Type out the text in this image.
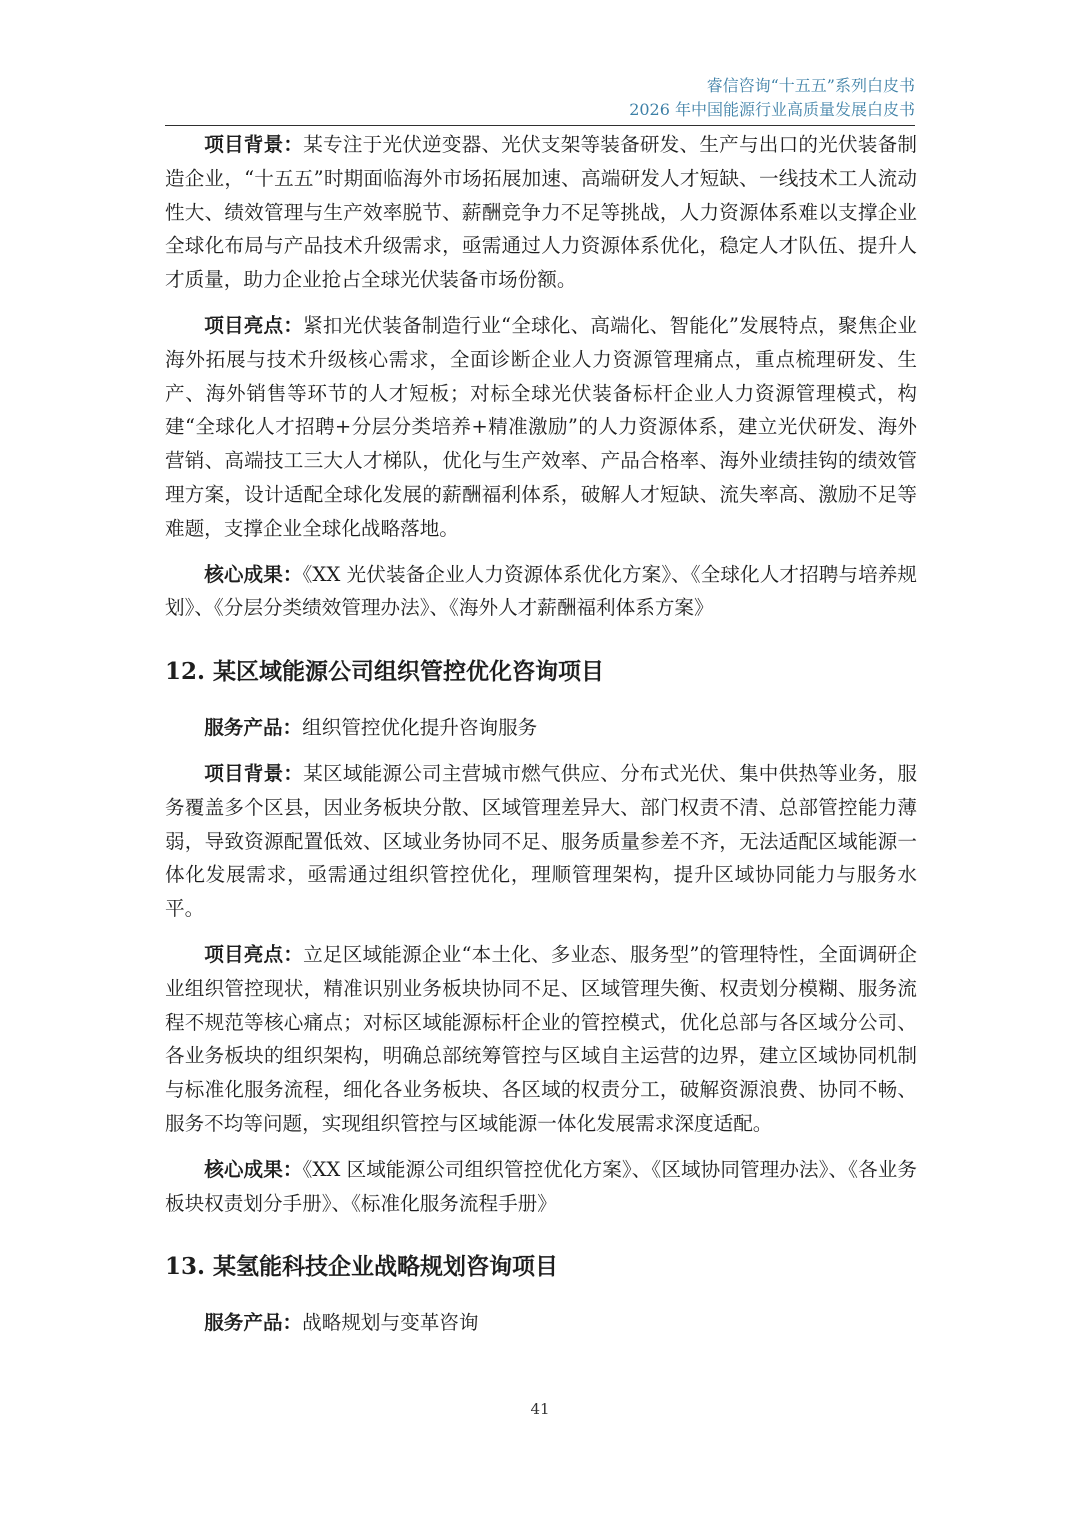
睿信咨询“十五五”系列白皮书
2026 年中国能源行业高质量发展白皮书

项目背景：某专注于光伏逆变器、光伏支架等装备研发、生产与出口的光伏装备制造企业，“十五五”时期面临海外市场拓展加速、高端研发人才短缺、一线技术工人流动性大、绩效管理与生产效率脱节、薪酬竞争力不足等挑战，人力资源体系难以支撑企业全球化布局与产品技术升级需求，亟需通过人力资源体系优化，稳定人才队伍、提升人才质量，助力企业抢占全球光伏装备市场份额。

项目亮点：紧扣光伏装备制造行业“全球化、高端化、智能化”发展特点，聚焦企业海外拓展与技术升级核心需求，全面诊断企业人力资源管理痛点，重点梳理研发、生产、海外销售等环节的人才短板；对标全球光伏装备标杆企业人力资源管理模式，构建“全球化人才招聘+分层分类培养+精准激励”的人力资源体系，建立光伏研发、海外营销、高端技工三大人才梯队，优化与生产效率、产品合格率、海外业绩挂钩的绩效管理方案，设计适配全球化发展的薪酬福利体系，破解人才短缺、流失率高、激励不足等难题，支撑企业全球化战略落地。

核心成果：《XX 光伏装备企业人力资源体系优化方案》、《全球化人才招聘与培养规划》、《分层分类绩效管理办法》、《海外人才薪酬福利体系方案》

12. 某区域能源公司组织管控优化咨询项目

服务产品：组织管控优化提升咨询服务

项目背景：某区域能源公司主营城市燃气供应、分布式光伏、集中供热等业务，服务覆盖多个区县，因业务板块分散、区域管理差异大、部门权责不清、总部管控能力薄弱，导致资源配置低效、区域业务协同不足、服务质量参差不齐，无法适配区域能源一体化发展需求，亟需通过组织管控优化，理顺管理架构，提升区域协同能力与服务水平。

项目亮点：立足区域能源企业“本土化、多业态、服务型”的管理特性，全面调研企业组织管控现状，精准识别业务板块协同不足、区域管理失衡、权责划分模糊、服务流程不规范等核心痛点；对标区域能源标杆企业的管控模式，优化总部与各区域分公司、各业务板块的组织架构，明确总部统筹管控与区域自主运营的边界，建立区域协同机制与标准化服务流程，细化各业务板块、各区域的权责分工，破解资源浪费、协同不畅、服务不均等问题，实现组织管控与区域能源一体化发展需求深度适配。

核心成果：《XX 区域能源公司组织管控优化方案》、《区域协同管理办法》、《各业务板块权责划分手册》、《标准化服务流程手册》

13. 某氢能科技企业战略规划咨询项目

服务产品：战略规划与变革咨询

41
